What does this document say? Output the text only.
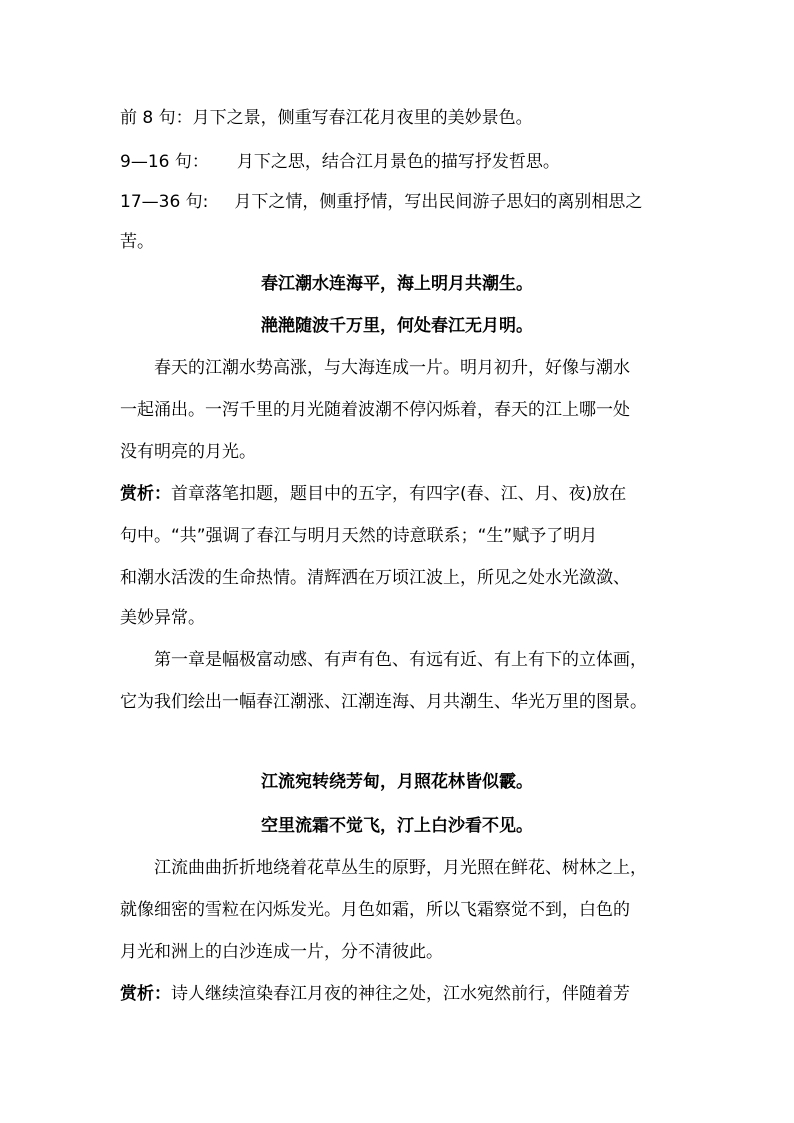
前 8 句：月下之景，侧重写春江花月夜里的美妙景色。
9—16 句： 月下之思，结合江月景色的描写抒发哲思。
17—36 句: 月下之情，侧重抒情，写出民间游子思妇的离别相思之
苦。
春江潮水连海平，海上明月共潮生。
滟滟随波千万里，何处春江无月明。
春天的江潮水势高涨，与大海连成一片。明月初升，好像与潮水
一起涌出。一泻千里的月光随着波潮不停闪烁着，春天的江上哪一处
没有明亮的月光。
赏析：首章落笔扣题，题目中的五字，有四字(春、江、月、夜)放在
句中。“共”强调了春江与明月天然的诗意联系；“生”赋予了明月
和潮水活泼的生命热情。清辉洒在万顷江波上，所见之处水光潋潋、
美妙异常。
第一章是幅极富动感、有声有色、有远有近、有上有下的立体画，
它为我们绘出一幅春江潮涨、江潮连海、月共潮生、华光万里的图景。
江流宛转绕芳甸，月照花林皆似霰。
空里流霜不觉飞，汀上白沙看不见。
江流曲曲折折地绕着花草丛生的原野，月光照在鲜花、树林之上，
就像细密的雪粒在闪烁发光。月色如霜，所以飞霜察觉不到，白色的
月光和洲上的白沙连成一片，分不清彼此。
赏析：诗人继续渲染春江月夜的神往之处，江水宛然前行，伴随着芳
